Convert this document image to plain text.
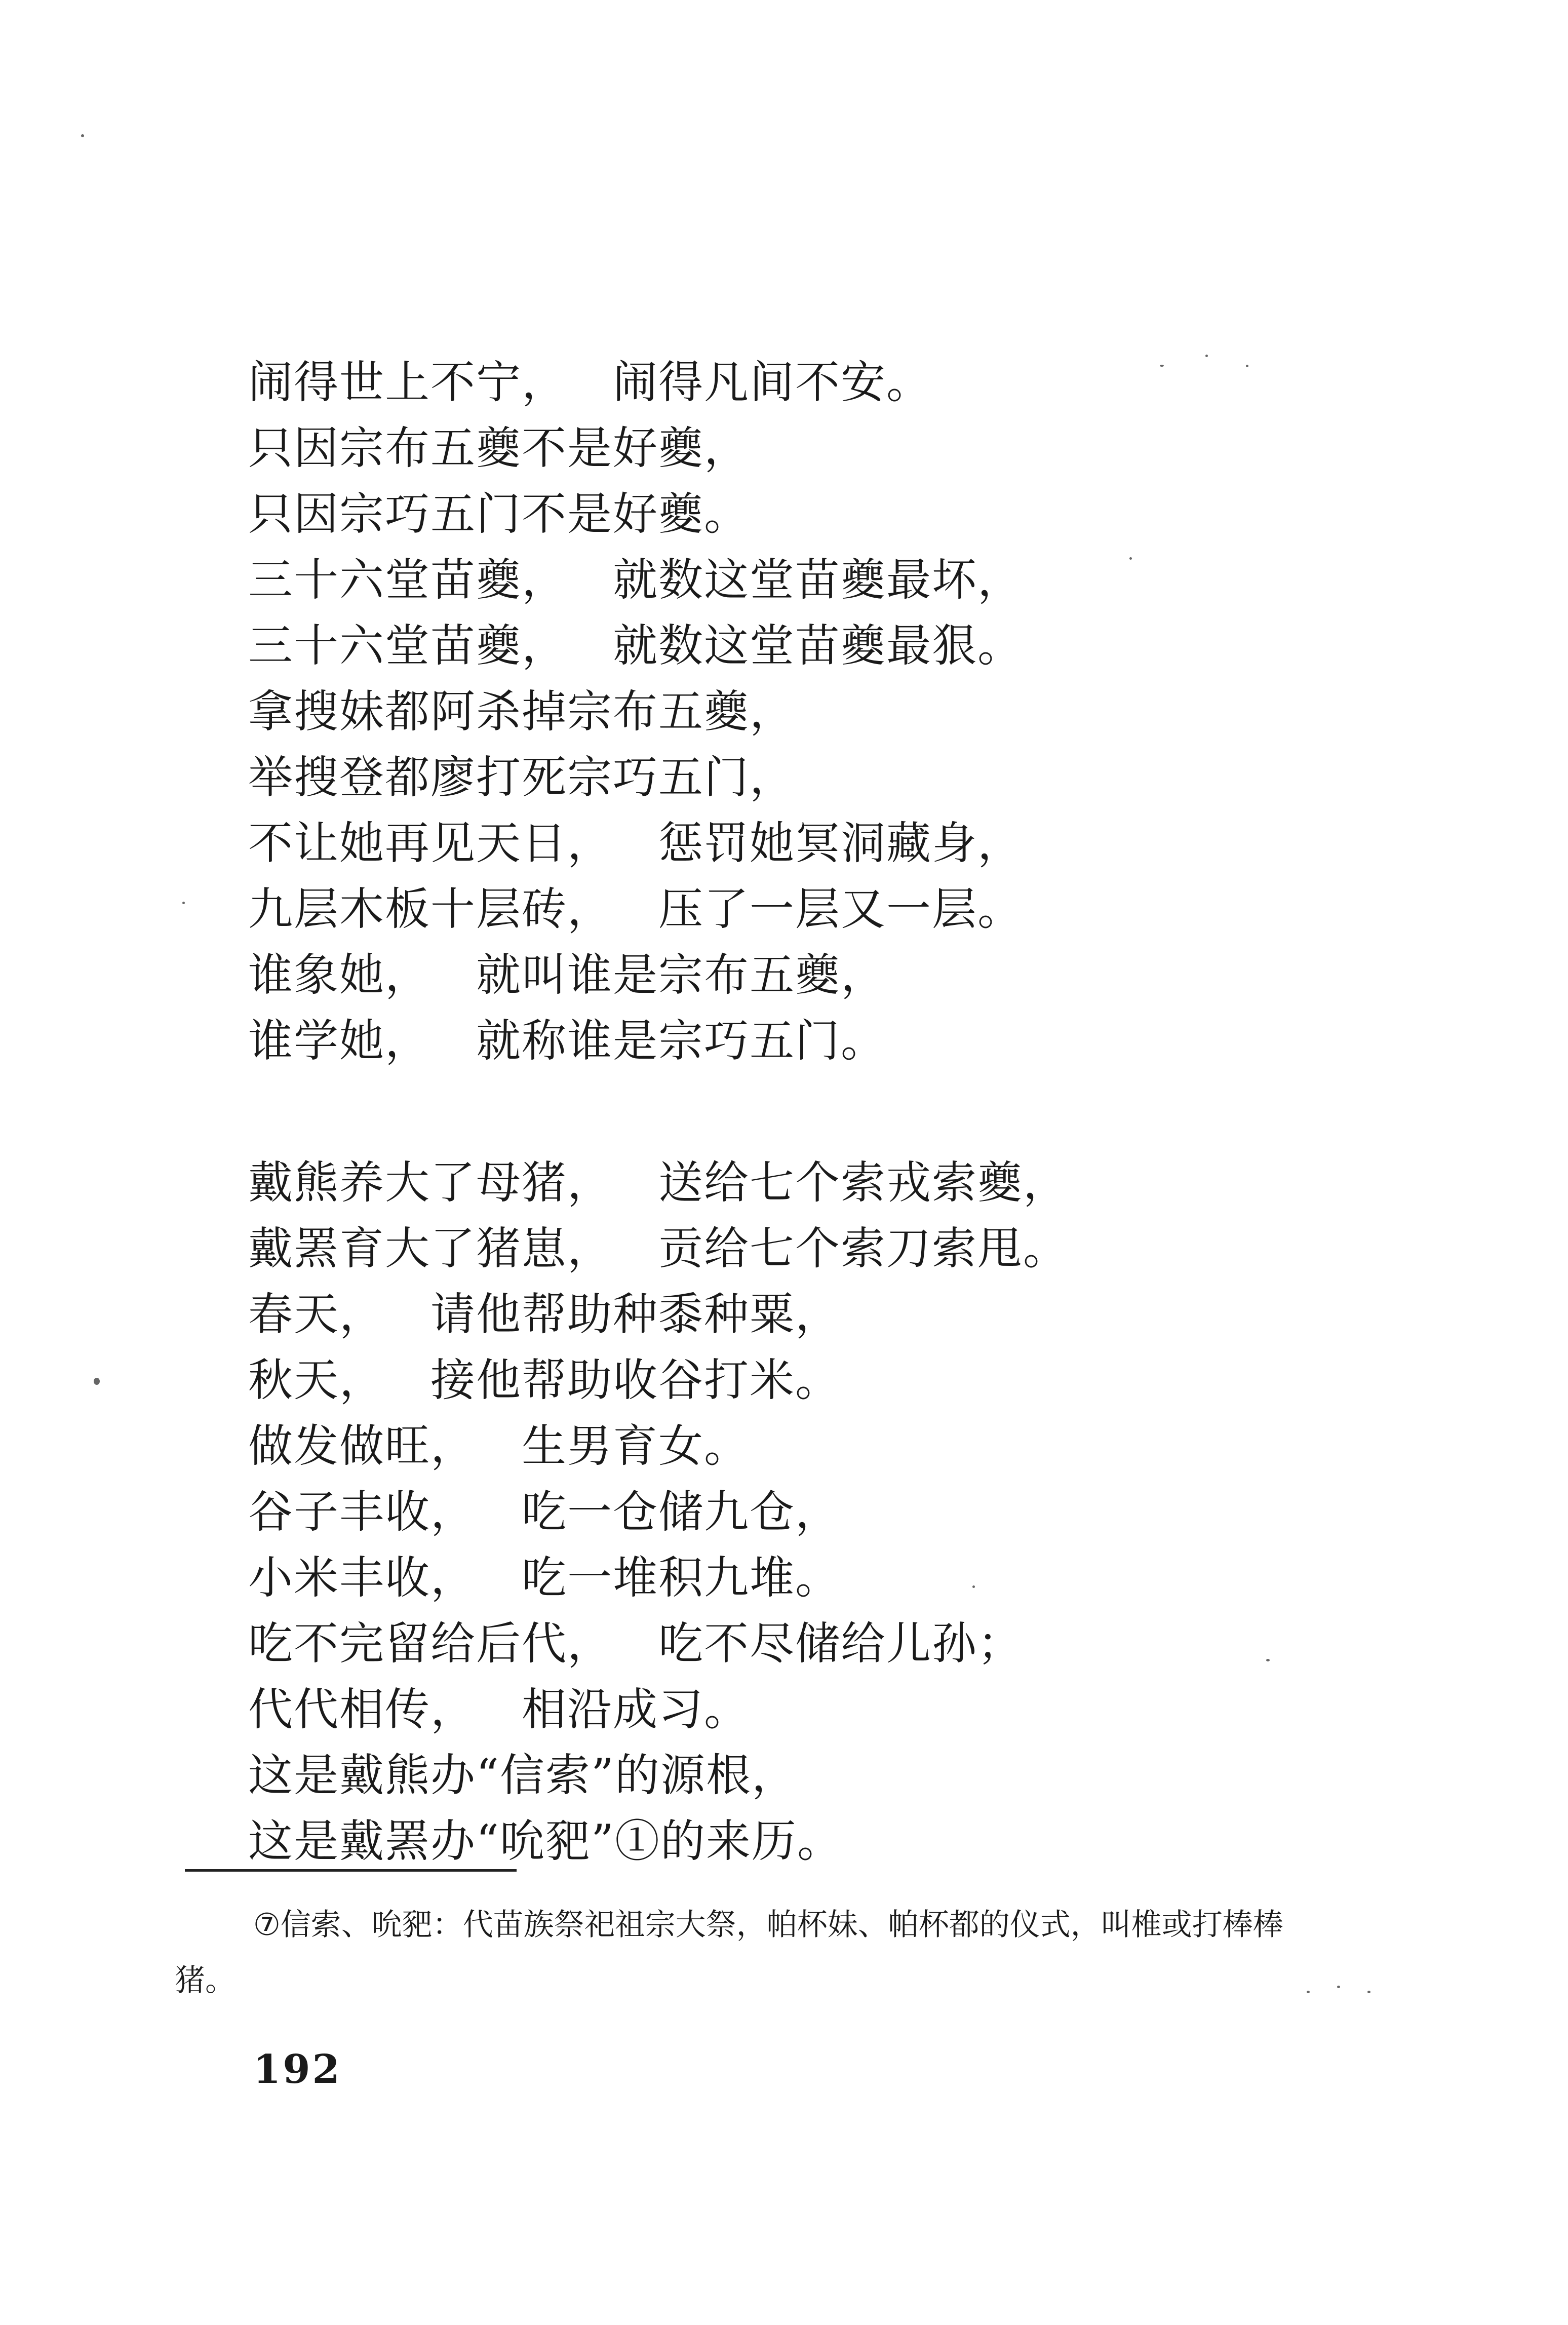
闹得世上不宁， 闹得凡间不安。
只因宗布五夔不是好夔，
只因宗巧五门不是好夔。
三十六堂苗夔， 就数这堂苗夔最坏，
三十六堂苗夔， 就数这堂苗夔最狠。
拿搜妹都阿杀掉宗布五夔，
举搜登都廖打死宗巧五门，
不让她再见天日， 惩罚她冥洞藏身，
九层木板十层砖， 压了一层又一层。
谁象她， 就叫谁是宗布五夔，
谁学她， 就称谁是宗巧五门。
戴熊养大了母猪， 送给七个索戎索夔，
戴罴育大了猪崽， 贡给七个索刀索甩。
春天， 请他帮助种黍种粟，
秋天， 接他帮助收谷打米。
做发做旺， 生男育女。
谷子丰收， 吃一仓储九仓，
小米丰收， 吃一堆积九堆。
吃不完留给后代， 吃不尽储给儿孙；
代代相传， 相沿成习。
这是戴熊办“信索”的源根，
这是戴罴办“吮豝”①的来历。
⑦信索、吮豝：代苗族祭祀祖宗大祭，帕杯妹、帕杯都的仪式，叫椎或打棒棒
猪。
192
